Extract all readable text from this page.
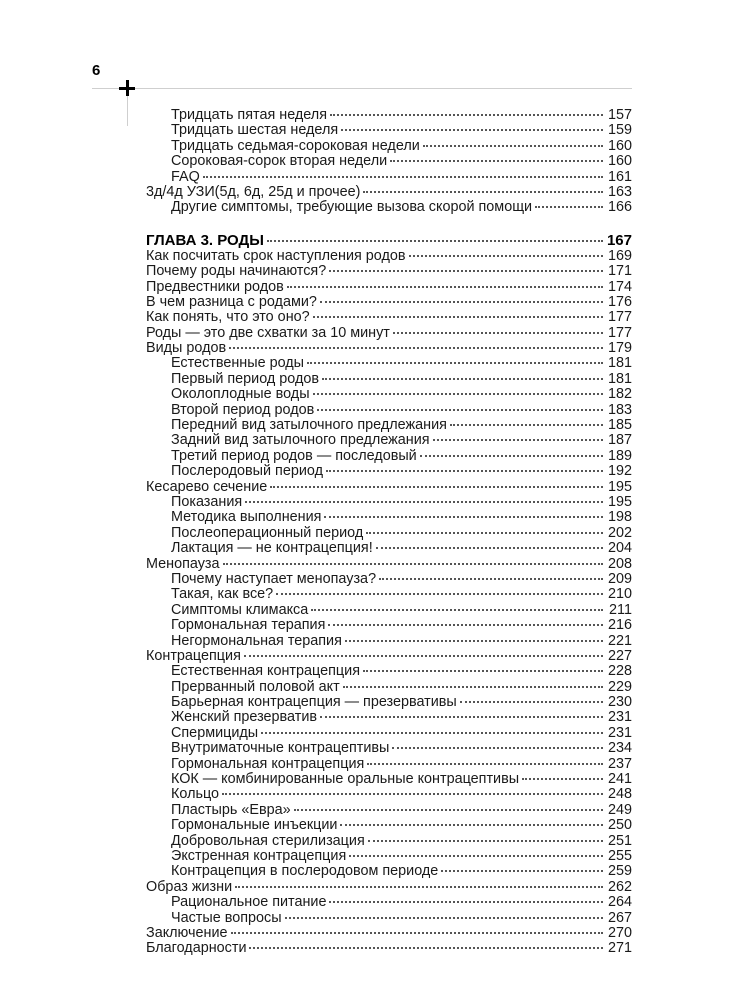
6
Тридцать пятая неделя	157
Тридцать шестая неделя	159
Тридцать седьмая-сороковая недели	160
Сороковая-сорок вторая недели	160
FAQ	161
3д/4д УЗИ(5д, 6д, 25д и прочее)	163
Другие симптомы, требующие вызова скорой помощи	166
ГЛАВА 3. РОДЫ	167
Как посчитать срок наступления родов	169
Почему роды начинаются?	171
Предвестники родов	174
В чем разница с родами?	176
Как понять, что это оно?	177
Роды — это две схватки за 10 минут	177
Виды родов	179
Естественные роды	181
Первый период родов	181
Околоплодные воды	182
Второй период родов	183
Передний вид затылочного предлежания	185
Задний вид затылочного предлежания	187
Третий период родов — последовый	189
Послеродовый период	192
Кесарево сечение	195
Показания	195
Методика выполнения	198
Послеоперационный период	202
Лактация — не контрацепция!	204
Менопауза	208
Почему наступает менопауза?	209
Такая, как все?	210
Симптомы климакса	211
Гормональная терапия	216
Негормональная терапия	221
Контрацепция	227
Естественная контрацепция	228
Прерванный половой акт	229
Барьерная контрацепция — презервативы	230
Женский презерватив	231
Спермициды	231
Внутриматочные контрацептивы	234
Гормональная контрацепция	237
КОК — комбинированные оральные контрацептивы	241
Кольцо	248
Пластырь «Евра»	249
Гормональные инъекции	250
Добровольная стерилизация	251
Экстренная контрацепция	255
Контрацепция в послеродовом периоде	259
Образ жизни	262
Рациональное питание	264
Частые вопросы	267
Заключение	270
Благодарности	271
